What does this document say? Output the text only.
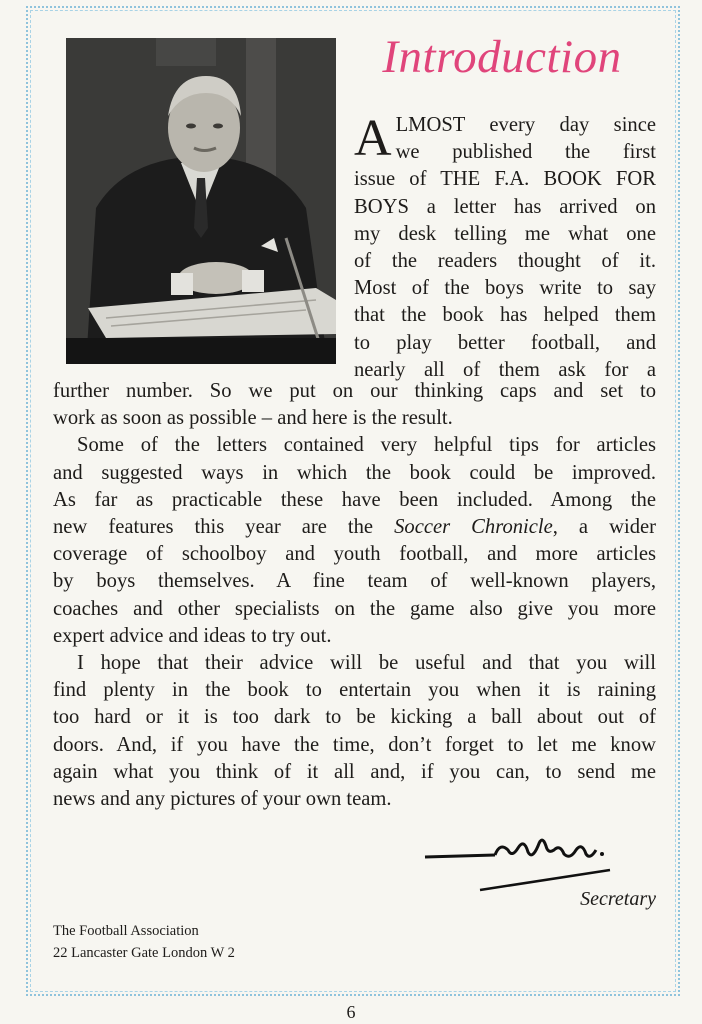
Introduction
A LMOST every day since
we published the first
issue of THE F.A. BOOK FOR
BOYS a letter has arrived on
my desk telling me what one
of the readers thought of it.
Most of the boys write to say
that the book has helped them
to play better football, and
nearly all of them ask for a
further number. So we put on our thinking caps and set to
work as soon as possible – and here is the result.
Some of the letters contained very helpful tips for articles
and suggested ways in which the book could be improved.
As far as practicable these have been included. Among the
new features this year are the Soccer Chronicle, a wider
coverage of schoolboy and youth football, and more articles
by boys themselves. A fine team of well-known players,
coaches and other specialists on the game also give you more
expert advice and ideas to try out.
I hope that their advice will be useful and that you will
find plenty in the book to entertain you when it is raining
too hard or it is too dark to be kicking a ball about out of
doors. And, if you have the time, don’t forget to let me know
again what you think of it all and, if you can, to send me
news and any pictures of your own team.
Secretary
The Football Association
22 Lancaster Gate London W 2
6
